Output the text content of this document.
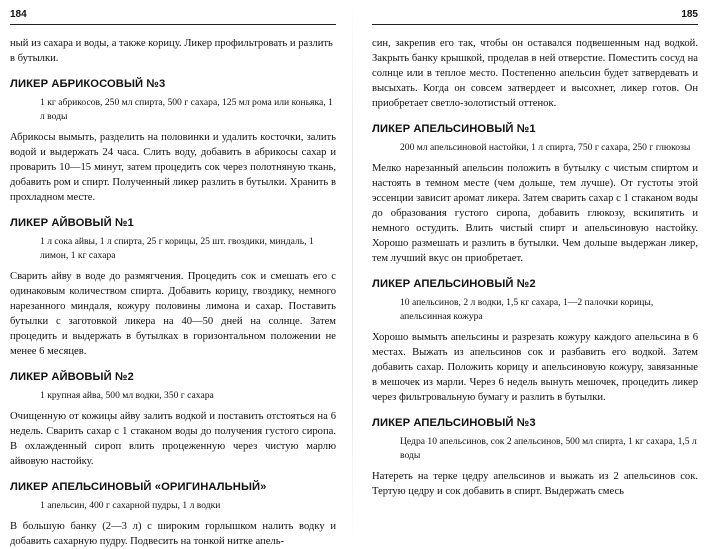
184

ный из сахара и воды, а также корицу. Ликер профильтровать и разлить в бутылки.

ЛИКЕР АБРИКОСОВЫЙ №3

1 кг абрикосов, 250 мл спирта, 500 г сахара, 125 мл рома или коньяка, 1 л воды

Абрикосы вымыть, разделить на половинки и удалить косточки, залить водой и выдержать 24 часа. Слить воду, добавить в абрикосы сахар и проварить 10—15 минут, затем процедить сок через полотняную ткань, добавить ром и спирт. Полученный ликер разлить в бутылки. Хранить в прохладном месте.

ЛИКЕР АЙВОВЫЙ №1

1 л сока айвы, 1 л спирта, 25 г корицы, 25 шт. гвоздики, миндаль, 1 лимон, 1 кг сахара

Сварить айву в воде до размягчения. Процедить сок и смешать его с одинаковым количеством спирта. Добавить корицу, гвоздику, немного нарезанного миндаля, кожуру половины лимона и сахар. Поставить бутылки с заготовкой ликера на 40—50 дней на солнце. Затем процедить и выдержать в бутылках в горизонтальном положении не менее 6 месяцев.

ЛИКЕР АЙВОВЫЙ №2

1 крупная айва, 500 мл водки, 350 г сахара

Очищенную от кожицы айву залить водкой и поставить отстояться на 6 недель. Сварить сахар с 1 стаканом воды до получения густого сиропа. В охлажденный сироп влить процеженную через чистую марлю айвовую настойку.

ЛИКЕР АПЕЛЬСИНОВЫЙ «ОРИГИНАЛЬНЫЙ»

1 апельсин, 400 г сахарной пудры, 1 л водки

В большую банку (2—3 л) с широким горлышком налить водку и добавить сахарную пудру. Подвесить на тонкой нитке апель-

185

син, закрепив его так, чтобы он оставался подвешенным над водкой. Закрыть банку крышкой, проделав в ней отверстие. Поместить сосуд на солнце или в теплое место. Постепенно апельсин будет затвердевать и высыхать. Когда он совсем затвердеет и высохнет, ликер готов. Он приобретает светло-золотистый оттенок.

ЛИКЕР АПЕЛЬСИНОВЫЙ №1

200 мл апельсиновой настойки, 1 л спирта, 750 г сахара, 250 г глюкозы

Мелко нарезанный апельсин положить в бутылку с чистым спиртом и настоять в темном месте (чем дольше, тем лучше). От густоты этой эссенции зависит аромат ликера. Затем сварить сахар с 1 стаканом воды до образования густого сиропа, добавить глюкозу, вскипятить и немного остудить. Влить чистый спирт и апельсиновую настойку. Хорошо размешать и разлить в бутылки. Чем дольше выдержан ликер, тем лучший вкус он приобретает.

ЛИКЕР АПЕЛЬСИНОВЫЙ №2

10 апельсинов, 2 л водки, 1,5 кг сахара, 1—2 палочки корицы, апельсинная кожура

Хорошо вымыть апельсины и разрезать кожуру каждого апельсина в 6 местах. Выжать из апельсинов сок и разбавить его водкой. Затем добавить сахар. Положить корицу и апельсиновую кожуру, завязанные в мешочек из марли. Через 6 недель вынуть мешочек, процедить ликер через фильтровальную бумагу и разлить в бутылки.

ЛИКЕР АПЕЛЬСИНОВЫЙ №3

Цедра 10 апельсинов, сок 2 апельсинов, 500 мл спирта, 1 кг сахара, 1,5 л воды

Натереть на терке цедру апельсинов и выжать из 2 апельсинов сок. Тертую цедру и сок добавить в спирт. Выдержать смесь
